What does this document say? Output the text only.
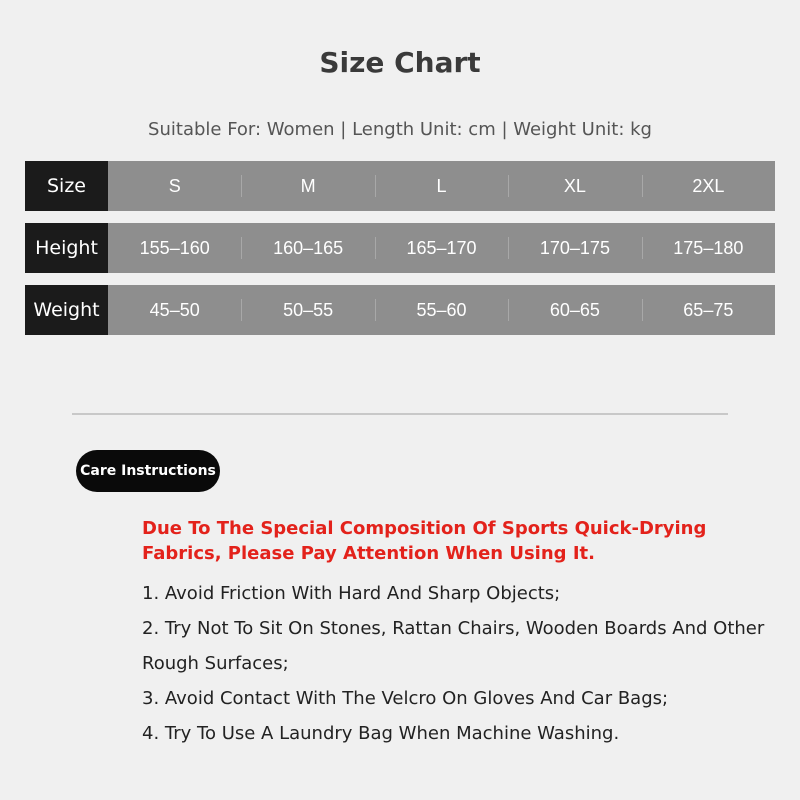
Size Chart
Suitable For: Women | Length Unit: cm | Weight Unit: kg
Size	S	M	L	XL	2XL
Height	155–160	160–165	165–170	170–175	175–180
Weight	45–50	50–55	55–60	60–65	65–75
Care Instructions
Due To The Special Composition Of Sports Quick-Drying Fabrics, Please Pay Attention When Using It.
1. Avoid Friction With Hard And Sharp Objects;
2. Try Not To Sit On Stones, Rattan Chairs, Wooden Boards And Other Rough Surfaces;
3. Avoid Contact With The Velcro On Gloves And Car Bags;
4. Try To Use A Laundry Bag When Machine Washing.
